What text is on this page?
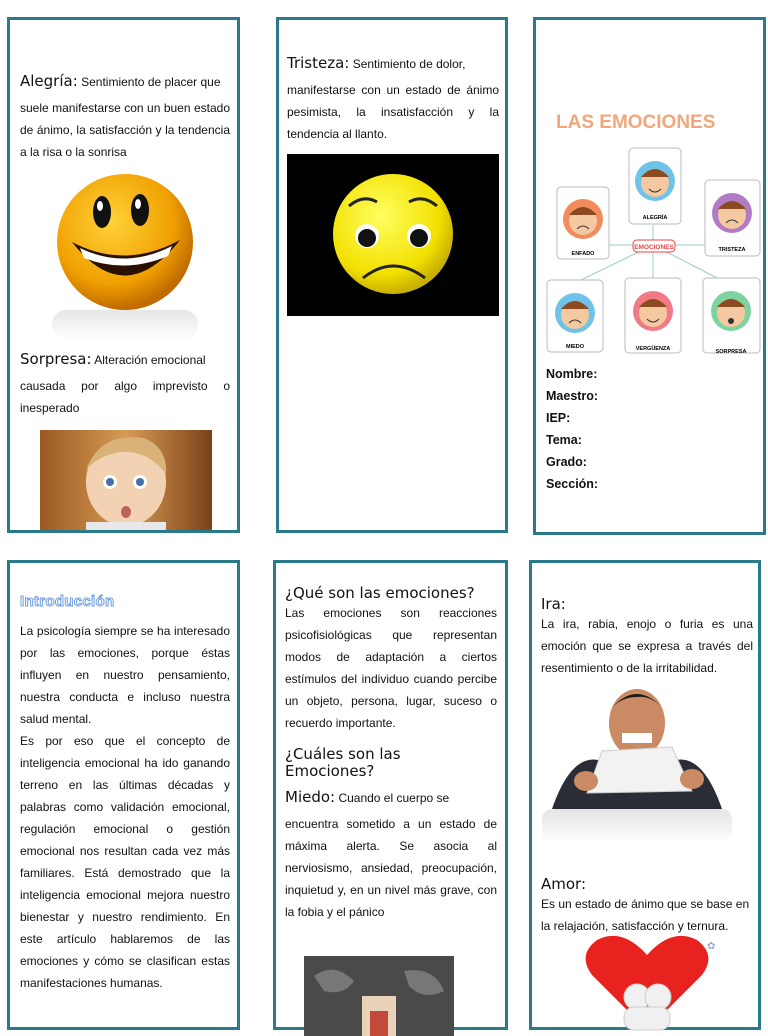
Alegría: Sentimiento de placer que

suele manifestarse con un buen estado de ánimo, la satisfacción y la tendencia a la risa o la sonrisa

Sorpresa: Alteración emocional

causada por algo imprevisto o inesperado

Tristeza: Sentimiento de dolor,

manifestarse con un estado de ánimo pesimista, la insatisfacción y la tendencia al llanto.

LAS EMOCIONES
EMOCIONES
ALEGRÍA
ENFADO
TRISTEZA
MIEDO	VERGÜENZA	SORPRESA
Nombre:
Maestro:
IEP:
Tema:
Grado:
Sección:
Introducción

La psicología siempre se ha interesado por las emociones, porque éstas influyen en nuestro pensamiento, nuestra conducta e incluso nuestra salud mental.

Es por eso que el concepto de inteligencia emocional ha ido ganando terreno en las últimas décadas y palabras como validación emocional, regulación emocional o gestión emocional nos resultan cada vez más familiares. Está demostrado que la inteligencia emocional mejora nuestro bienestar y nuestro rendimiento. En este artículo hablaremos de las emociones y cómo se clasifican estas manifestaciones humanas.

¿Qué son las emociones?

Las emociones son reacciones psicofisiológicas que representan modos de adaptación a ciertos estímulos del individuo cuando percibe un objeto, persona, lugar, suceso o recuerdo importante.

¿Cuáles son las Emociones?

Miedo: Cuando el cuerpo se

encuentra sometido a un estado de máxima alerta. Se asocia al nerviosismo, ansiedad, preocupación, inquietud y, en un nivel más grave, con la fobia y el pánico

Ira:

La ira, rabia, enojo o furia es una emoción que se expresa a través del resentimiento o de la irritabilidad.

Amor:

Es un estado de ánimo que se base en la relajación, satisfacción y ternura.

✿
